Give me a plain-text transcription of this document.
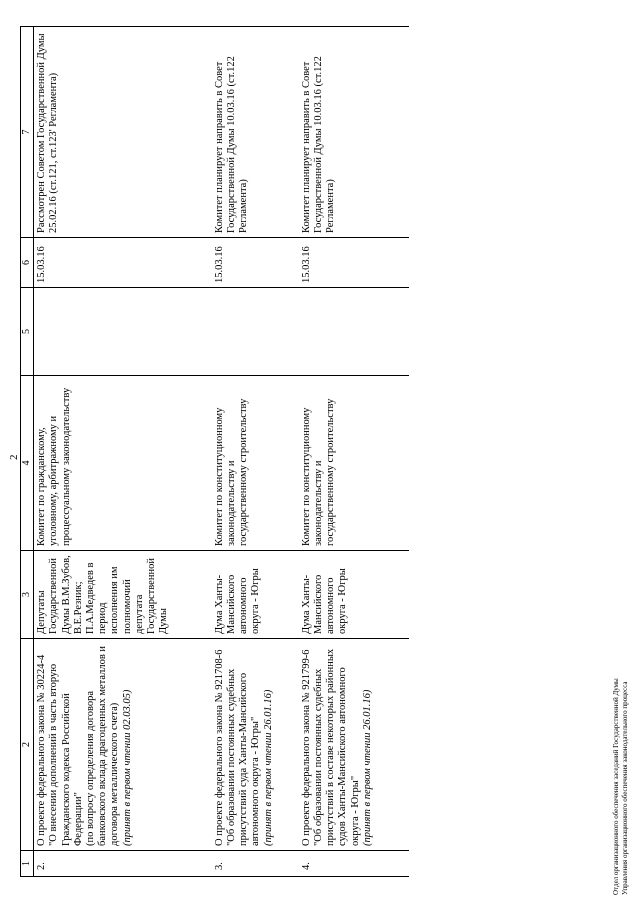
2
1	2	3	4	5	6	7
2.	О проекте федерального закона № 30224-4 "О внесении дополнений в часть вторую Гражданского кодекса Российской Федерации" (по вопросу определения договора банковского вклада драгоценных металлов и договора металлического счета) (принят в первом чтении 02.03.05)	Депутаты Государственной Думы В.М.Зубов, В.Е.Резник; П.А.Медведев в период исполнения им полномочий депутата Государственной Думы	Комитет по гражданскому, уголовному, арбитражному и процессуальному законодательству		15.03.16	Рассмотрен Советом Государственной Думы 25.02.16 (ст.121, ст.123' Регламента)
3.	О проекте федерального закона № 921708-6 "Об образовании постоянных судебных присутствий суда Ханты-Мансийского автономного округа - Югры" (принят в первом чтении 26.01.16)	Дума Ханты-Мансийского автономного округа - Югры	Комитет по конституционному законодательству и государственному строительству		15.03.16	Комитет планирует направить в Совет Государственной Думы 10.03.16 (ст.122 Регламента)
4.	О проекте федерального закона № 921799-6 "Об образовании постоянных судебных присутствий в составе некоторых районных судов Ханты-Мансийского автономного округа - Югры" (принят в первом чтении 26.01.16)	Дума Ханты-Мансийского автономного округа - Югры	Комитет по конституционному законодательству и государственному строительству		15.03.16	Комитет планирует направить в Совет Государственной Думы 10.03.16 (ст.122 Регламента)
Отдел организационного обеспечения заседаний Государственной Думы Управления организационного обеспечения законодательного процесса
